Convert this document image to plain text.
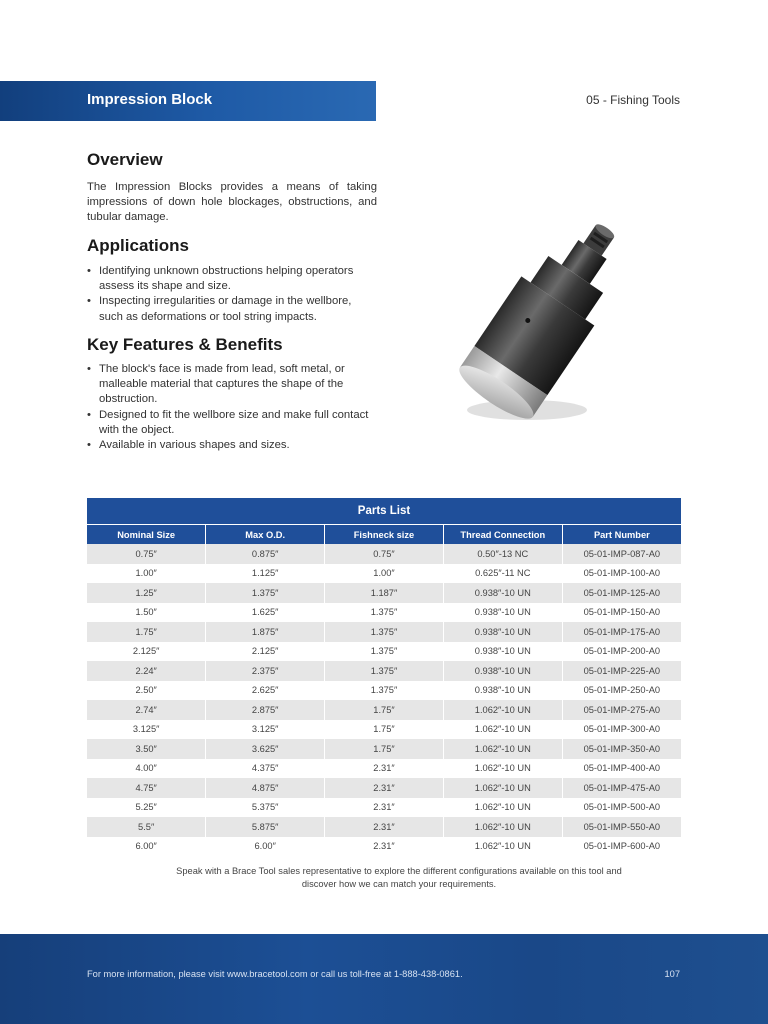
Impression Block	05 - Fishing Tools
Overview
The Impression Blocks provides a means of taking impressions of down hole blockages, obstructions, and tubular damage.
Applications
• Identifying unknown obstructions helping operators assess its shape and size.
• Inspecting irregularities or damage in the wellbore, such as deformations or tool string impacts.
Key Features & Benefits
• The block's face is made from lead, soft metal, or malleable material that captures the shape of the obstruction.
• Designed to fit the wellbore size and make full contact with the object.
• Available in various shapes and sizes.
Parts List				
Nominal Size	Max O.D.	Fishneck size	Thread Connection	Part Number
0.75″	0.875″	0.75″	0.50″-13 NC	05-01-IMP-087-A0
1.00″	1.125″	1.00″	0.625″-11 NC	05-01-IMP-100-A0
1.25″	1.375″	1.187″	0.938″-10 UN	05-01-IMP-125-A0
1.50″	1.625″	1.375″	0.938″-10 UN	05-01-IMP-150-A0
1.75″	1.875″	1.375″	0.938″-10 UN	05-01-IMP-175-A0
2.125″	2.125″	1.375″	0.938″-10 UN	05-01-IMP-200-A0
2.24″	2.375″	1.375″	0.938″-10 UN	05-01-IMP-225-A0
2.50″	2.625″	1.375″	0.938″-10 UN	05-01-IMP-250-A0
2.74″	2.875″	1.75″	1.062″-10 UN	05-01-IMP-275-A0
3.125″	3.125″	1.75″	1.062″-10 UN	05-01-IMP-300-A0
3.50″	3.625″	1.75″	1.062″-10 UN	05-01-IMP-350-A0
4.00″	4.375″	2.31″	1.062″-10 UN	05-01-IMP-400-A0
4.75″	4.875″	2.31″	1.062″-10 UN	05-01-IMP-475-A0
5.25″	5.375″	2.31″	1.062″-10 UN	05-01-IMP-500-A0
5.5″	5.875″	2.31″	1.062″-10 UN	05-01-IMP-550-A0
6.00″	6.00″	2.31″	1.062″-10 UN	05-01-IMP-600-A0
Speak with a Brace Tool sales representative to explore the different configurations available on this tool and
discover how we can match your requirements.
For more information, please visit www.bracetool.com or call us toll-free at 1-888-438-0861.	107
